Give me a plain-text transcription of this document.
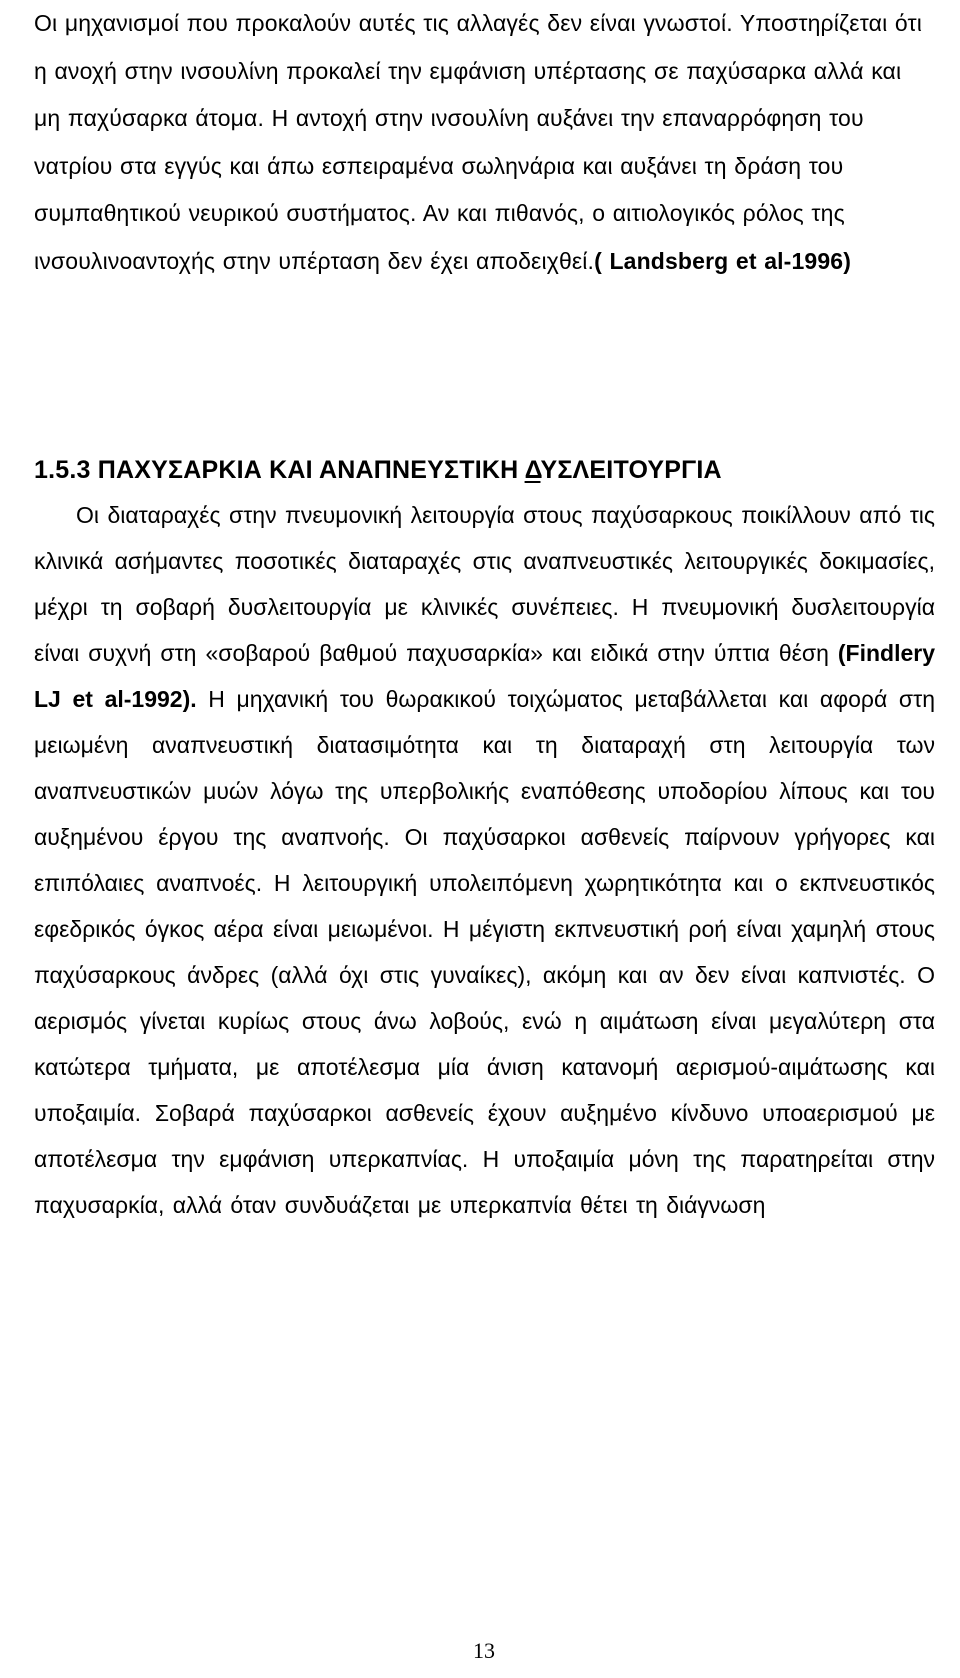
Οι μηχανισμοί που προκαλούν αυτές τις αλλαγές δεν είναι γνωστοί. Υποστηρίζεται ότι η ανοχή στην ινσουλίνη προκαλεί την εμφάνιση υπέρτασης σε παχύσαρκα αλλά και μη παχύσαρκα άτομα. Η αντοχή στην ινσουλίνη αυξάνει την επαναρρόφηση του νατρίου στα εγγύς και άπω εσπειραμένα σωληνάρια και αυξάνει τη δράση του συμπαθητικού νευρικού συστήματος. Αν και πιθανός, ο αιτιολογικός ρόλος της ινσουλινοαντοχής στην υπέρταση δεν έχει αποδειχθεί.( Landsberg et al-1996)

1.5.3 ΠΑΧΥΣΑΡΚΙΑ ΚΑΙ ΑΝΑΠΝΕΥΣΤΙΚΗ ΔΥΣΛΕΙΤΟΥΡΓΙΑ

Οι διαταραχές στην πνευμονική λειτουργία στους παχύσαρκους ποικίλλουν από τις κλινικά ασήμαντες ποσοτικές διαταραχές στις αναπνευστικές λειτουργικές δοκιμασίες, μέχρι τη σοβαρή δυσλειτουργία με κλινικές συνέπειες. Η πνευμονική δυσλειτουργία είναι συχνή στη «σοβαρού βαθμού παχυσαρκία» και ειδικά στην ύπτια θέση (Findlery LJ et al-1992). Η μηχανική του θωρακικού τοιχώματος μεταβάλλεται και αφορά στη μειωμένη αναπνευστική διατασιμότητα και τη διαταραχή στη λειτουργία των αναπνευστικών μυών λόγω της υπερβολικής εναπόθεσης υποδορίου λίπους και του αυξημένου έργου της αναπνοής. Οι παχύσαρκοι ασθενείς παίρνουν γρήγορες και επιπόλαιες αναπνοές. Η λειτουργική υπολειπόμενη χωρητικότητα και ο εκπνευστικός εφεδρικός όγκος αέρα είναι μειωμένοι. Η μέγιστη εκπνευστική ροή είναι χαμηλή στους παχύσαρκους άνδρες (αλλά όχι στις γυναίκες), ακόμη και αν δεν είναι καπνιστές. Ο αερισμός γίνεται κυρίως στους άνω λοβούς, ενώ η αιμάτωση είναι μεγαλύτερη στα κατώτερα τμήματα, με αποτέλεσμα μία άνιση κατανομή αερισμού-αιμάτωσης και υποξαιμία. Σοβαρά παχύσαρκοι ασθενείς έχουν αυξημένο κίνδυνο υποαερισμού με αποτέλεσμα την εμφάνιση υπερκαπνίας. Η υποξαιμία μόνη της παρατηρείται στην παχυσαρκία, αλλά όταν συνδυάζεται με υπερκαπνία θέτει τη διάγνωση

13
